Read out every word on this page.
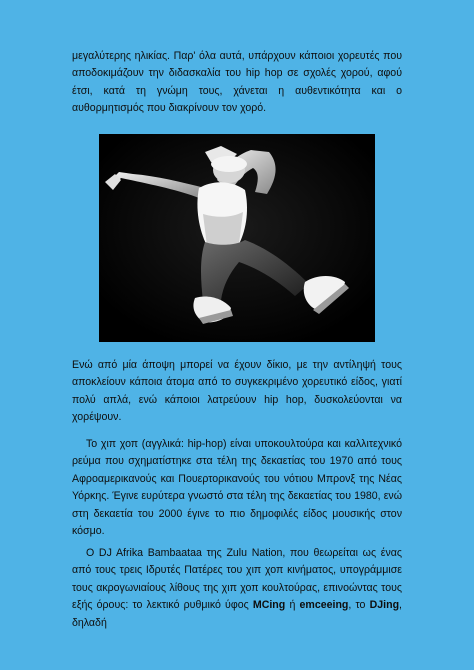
μεγαλύτερης ηλικίας. Παρ' όλα αυτά, υπάρχουν κάποιοι χορευτές που αποδοκιμάζουν την διδασκαλία του hip hop σε σχολές χορού, αφού έτσι, κατά τη γνώμη τους, χάνεται η αυθεντικότητα και ο αυθορμητισμός που διακρίνουν τον χορό.
Ενώ από μία άποψη μπορεί να έχουν δίκιο, με την αντίληψή τους αποκλείουν κάποια άτομα από το συγκεκριμένο χορευτικό είδος, γιατί πολύ απλά, ενώ κάποιοι λατρεύουν hip hop, δυσκολεύονται να χορέψουν.
Το χιπ χοπ (αγγλικά: hip-hop) είναι υποκουλτούρα και καλλιτεχνικό ρεύμα που σχηματίστηκε στα τέλη της δεκαετίας του 1970 από τους Αφροαμερικανούς και Πουερτορικανούς του νότιου Μπρονξ της Νέας Υόρκης. Έγινε ευρύτερα γνωστό στα τέλη της δεκαετίας του 1980, ενώ στη δεκαετία του 2000 έγινε το πιο δημοφιλές είδος μουσικής στον κόσμο.
Ο DJ Afrika Bambaataa της Zulu Nation, που θεωρείται ως ένας από τους τρεις Ιδρυτές Πατέρες του χιπ χοπ κινήματος, υπογράμμισε τους ακρογωνιαίους λίθους της χιπ χοπ κουλτούρας, επινοώντας τους εξής όρους: το λεκτικό ρυθμικό ύφος MCing ή emceeing, το DJing, δηλαδή
